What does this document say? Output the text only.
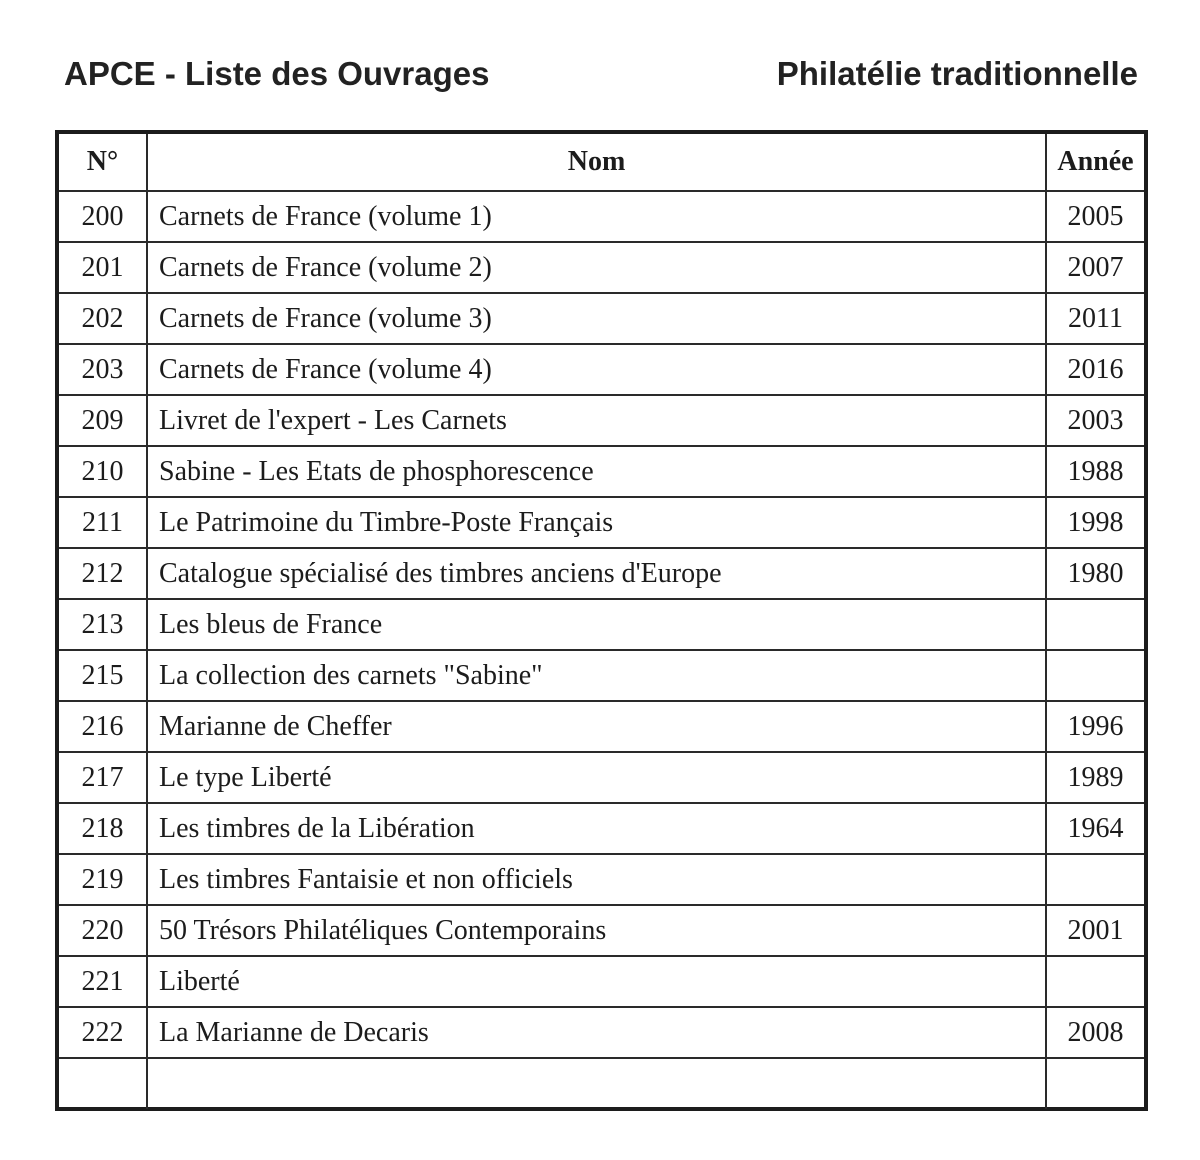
APCE - Liste des Ouvrages	Philatélie traditionnelle
N°	Nom	Année
200	Carnets de France (volume 1)	2005
201	Carnets de France (volume 2)	2007
202	Carnets de France (volume 3)	2011
203	Carnets de France (volume 4)	2016
209	Livret de l'expert - Les Carnets	2003
210	Sabine - Les Etats de phosphorescence	1988
211	Le Patrimoine du Timbre-Poste Français	1998
212	Catalogue spécialisé des timbres anciens d'Europe	1980
213	Les bleus de France	
215	La collection des carnets "Sabine"	
216	Marianne de Cheffer	1996
217	Le type Liberté	1989
218	Les timbres de la Libération	1964
219	Les timbres Fantaisie et non officiels	
220	50 Trésors Philatéliques Contemporains	2001
221	Liberté	
222	La Marianne de Decaris	2008
